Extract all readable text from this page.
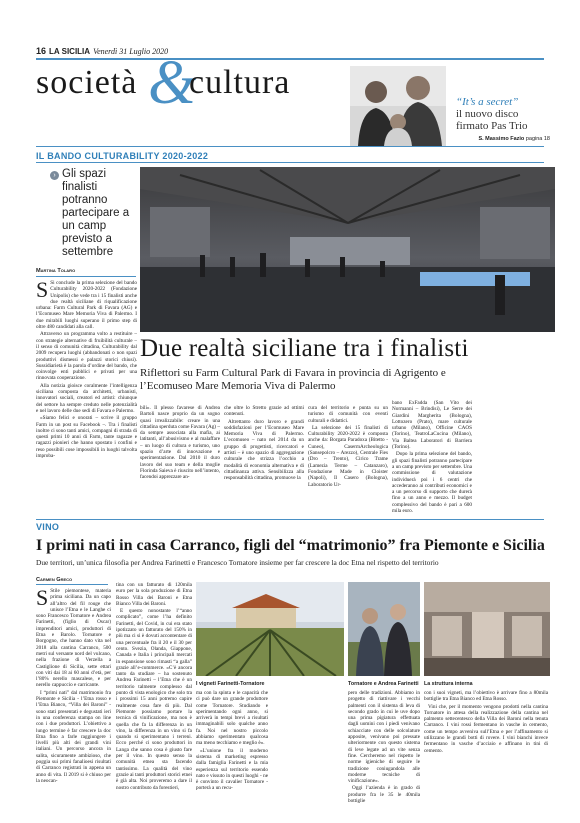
16 LA SICILIA Venerdì 31 Luglio 2020
società &
cultura
“It’s a secret”
il nuovo disco
firmato Pas Trio
S. Massimo Fazio pagina 18
IL BANDO CULTURABILITY 2020-2022
› Gli spazi finalisti potranno partecipare a un camp previsto a settembre
Martina Tolaro

S Si conclude la prima selezione del bando Culturability 2020-2022 (Fondazione Unipolis) che vede tra i 15 finalisti anche due realtà siciliane di riqualificazione urbana: Farm Cultural Park di Favara (AG) e l’Ecomuseo Mare Memoria Viva di Palermo. I due mirabili luoghi superano il primo step di oltre 480 candidati alla call.

Attraverso un programma volto a restituire – con strategie alternative di fruibilità culturale – il senso di comunità cittadina, Culturability dal 2009 recupera luoghi (abbandonati o non spazi produttivi dismessi e palazzi storici chiusi). Sussidiarietà è la parola d’ordine del bando, che coinvolge enti pubblici e privati per una rinnovata cooperazione.

Alla notizia gioisce coralmente l’intelligenza siciliana composta da architetti, urbanisti, innovatori sociali, creatori ed artisti: chiunque del settore ha sempre creduto nelle potenzialità e nel lavoro delle due sedi di Favara e Palermo.

«Siamo felici e onorati – scrive il gruppo Farm in un post su Facebook –. Tra i finalisti inoltre ci sono tanti amici, compagni di strada di questi primi 10 anni di Farm, tante ragazze e ragazzi pionieri che hanno spostato i confini e reso possibili cose impossibili in luoghi talvolta improba-

Due realtà siciliane tra i finalisti
Riflettori su Farm Cultural Park di Favara in provincia di Agrigento e l’Ecomuseo Mare Memoria Viva di Palermo

bili». Il plesso favarese di Andrea Bartoli nasce proprio da un sogno quasi irrealizzabile: creare in una cittadina sperduta come Favara (Ag) – da sempre associata alla mafia, ai latitanti, all’abusivismo e al malaffare – un luogo di cultura e turismo, uno spazio d’arte di innovazione e sperimentazione. Dal 2010 il duro lavoro del suo team e della moglie Florinda Saieva è riuscito nell’intento, facendoi apprezzare an-

che oltre lo Stretto grazie ad ottimi contenuti.

Altrettanto duro lavoro e grandi soddisfazioni per l’Ecomuseo Mare Memoria Viva di Palermo. L’ecomuseo – nato nel 2014 da un gruppo di progettisti, ricercatori e artisti – è uno spazio di aggregazione culturale che strizza l’occhio a modalità di economia alternativa e di cittadinanza attiva. Sensibilizza alla responsabilità cittadina, promuove la

cura del territorio e punta su un turismo di comunità con eventi culturali e didattici.

La selezione dei 15 finalisti di Culturability 2020-2022 è composta anche da: Borgata Paradoxa (Bitetto - Cuneo), CasermArcheologica (Sansepolcro – Arezzo), Centrale Fies (Dro – Trento), Cirico Trame (Lamezia Terme – Catanzaro), Fondazione Made in Cloister (Napoli), Il Casero (Bologna), Laboratorio Ur-

bano ExFadda (San Vito dei Normanni – Brindisi), Le Serre dei Giardini Margherita (Bologna), Lottozero (Prato), mare culturale urbano (Milano), Officine CAOS (Torino), TeatroLaCucina (Milano), Via Baltea Laboratori di Barriera (Torino).

Dopo la prima selezione del bando, gli spazi finalisti potranno partecipare a un camp previsto per settembre. Una commissione di valutazione individuerà poi i 6 centri che accederanno ai contributi economici e a un percorso di supporto che durerà fino a un anno e mezzo. Il budget complessivo del bando è pari a 600 mila euro.

VINO
I primi nati in casa Carranco, figli del “matrimonio” fra Piemonte e Sicilia
Due territori, un’unica filosofia per Andrea Farinetti e Francesco Tornatore insieme per far crescere la doc Etna nel rispetto del territorio
Carmen Greco

S Stile piemontese, materia prima siciliana. Da un capo all’altro del fil rouge che unisce l’Etna e le Langhe ci sono Francesco Tornatore e Andrea Farinetti, (figlio di Oscar) imprenditori amici, produttori di Etna e Barolo. Tornatore e Borgogno, che hanno dato vita nel 2018 alla cantina Carranco, 500 metri sul versante nord del vulcano, nella frazione di Verzella a Castiglione di Sicilia, sette ettari con viti dai 18 ai 60 anni d’età, per l’80% nerello mascalese, e per nerello cappuccio e carricante.

I “primi nati” dal matrimonio fra Piemonte e Sicilia - l’Etna rosso e l’Etna Bianco, “Villa dei Baroni” - sono stati presentati e degustati ieri in una conferenza stampa on line con i due produttori. L’obiettivo a lungo termine è far crescere la doc Etna fino a farle raggiungere i livelli più alti dei grandi vini italiani. Un percorso ancora in salita, sicuramente ambizioso, che poggia sui primi fanalioesi risultati di Carranco registrati in appena un anno di vita. Il 2019 si è chiuso per la neocan-

tina con un fatturato di 120mila euro per la sola produzione di Etna Rosso Villa dei Baroni e Etna Bianco Villa dei Baroni.

E questo nonostante l’“anno complicato”, come l’ha definito Farinetti, del Covid, in cui era stato ipotizzato un fatturato del 150% in più ma ci si è dovuti accontentare di una percentuale fra il 20 e il 30 per cento. Svezia, Olanda, Giappone, Canada e Italia i principali mercati in espansione sono rimasti “a galla” grazie all’e-commerce. «C’è ancora tanto da studiare – ha sostenuto Andrea Farinetti – l’Etna che è un territorio talmente complesso dal punto di vista enologico che solo tra i prossimi 15 anni potremo capire realmente cosa fare di più. Dal Piemonte possiamo portare la tecnica di vinificazione, ma non è quella che fa la differenza in un vino, la differenza in un vino si fa quando si sperimentano i terreni. Ecco perché ci sono produttori in Langa che sanno cosa è giusto fare per il vino. In questo senso la comunità etnea sta facendo tantissimo. La qualità del vino grazie ai tanti produttori storici etnei è già alta. Noi proveremo a dare il nostro contributo da forestieri,

I vigneti Farinetti-Tornatore	Tornatore e Andrea Farinetti La struttura interna

ma con la spinta e le capacità che ci può dare un grande produttore come Tornatore. Studiando e sperimentando ogni anno, si arriverà in tempi brevi a risultati immaginabili solo qualche anno fa. Noi nel nostro piccolo abbiamo sperimentato qualcosa ma meno tecchiamo e meglio è».

«L’unione fra il moderno sistema di marketing espresso dalla famiglia Farinetti e la mia esperienza sul territorio essendo nato e vissuto in questi luoghi - ne è convinto il cavalier Tornatore - porterà a un recu-

pero delle tradizioni. Abbiamo in progetto di riattivare i vecchi palmenti con il sistema di leva di secondo grado in cui le uve dopo una prima pigiatura effettuata dagli uomini con i piedi venivano schiacciate con delle solcolature apposite, venivano poi pressate ulteriormente con questo sistema di leve legate ad un vite senza fine. Cercheremo nel rispetto le norme igieniche di seguire le tradizione coniugandola alle moderne tecniche di vinificazione».

Oggi l’azienda è in grado di produrre fra le 35 le 40mila bottiglie

con i suoi vigneti, ma l’obiettivo è arrivare fino a 80mila bottiglie tra Etna Bianco ed Etna Rosso.

Vini che, per il momento vengono prodotti nella cantina Tornatore in attesa della realizzazione della cantina nel palmento settecentesco della Villa dei Baroni nella tenuta Carranco. I vini rossi fermentano in vasche in cemento, come un tempo avveniva sull’Etna e per l’affinamento si utilizzano le grandi botti di rovere. I vini bianchi invece fermentano in vasche d’acciaio e affinano in tini di cemento.
